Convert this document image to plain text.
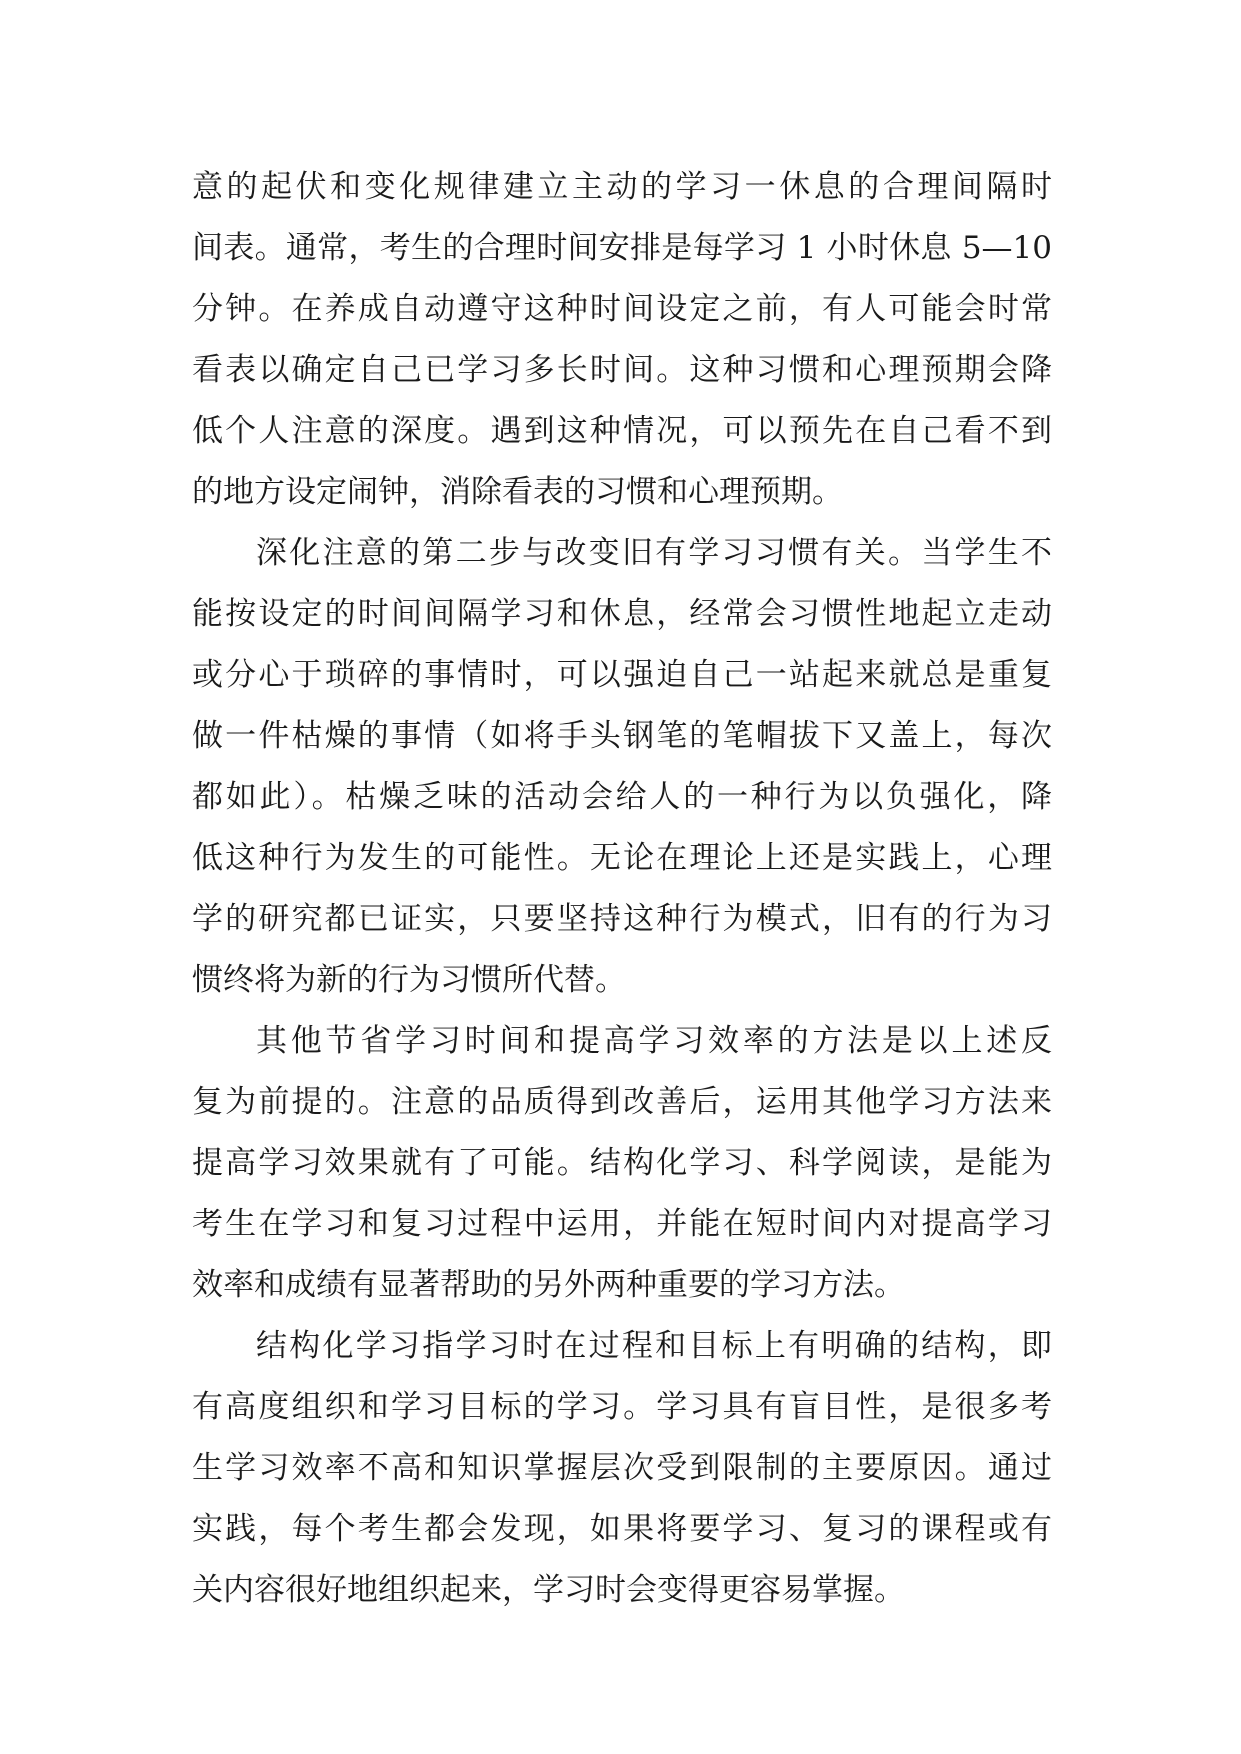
意的起伏和变化规律建立主动的学习一休息的合理间隔时
间表。通常，考生的合理时间安排是每学习 1 小时休息 5—10
分钟。在养成自动遵守这种时间设定之前，有人可能会时常
看表以确定自己已学习多长时间。这种习惯和心理预期会降
低个人注意的深度。遇到这种情况，可以预先在自己看不到
的地方设定闹钟，消除看表的习惯和心理预期。
深化注意的第二步与改变旧有学习习惯有关。当学生不
能按设定的时间间隔学习和休息，经常会习惯性地起立走动
或分心于琐碎的事情时，可以强迫自己一站起来就总是重复
做一件枯燥的事情（如将手头钢笔的笔帽拔下又盖上，每次
都如此）。枯燥乏味的活动会给人的一种行为以负强化，降
低这种行为发生的可能性。无论在理论上还是实践上，心理
学的研究都已证实，只要坚持这种行为模式，旧有的行为习
惯终将为新的行为习惯所代替。
其他节省学习时间和提高学习效率的方法是以上述反
复为前提的。注意的品质得到改善后，运用其他学习方法来
提高学习效果就有了可能。结构化学习、科学阅读，是能为
考生在学习和复习过程中运用，并能在短时间内对提高学习
效率和成绩有显著帮助的另外两种重要的学习方法。
结构化学习指学习时在过程和目标上有明确的结构，即
有高度组织和学习目标的学习。学习具有盲目性，是很多考
生学习效率不高和知识掌握层次受到限制的主要原因。通过
实践，每个考生都会发现，如果将要学习、复习的课程或有
关内容很好地组织起来，学习时会变得更容易掌握。
